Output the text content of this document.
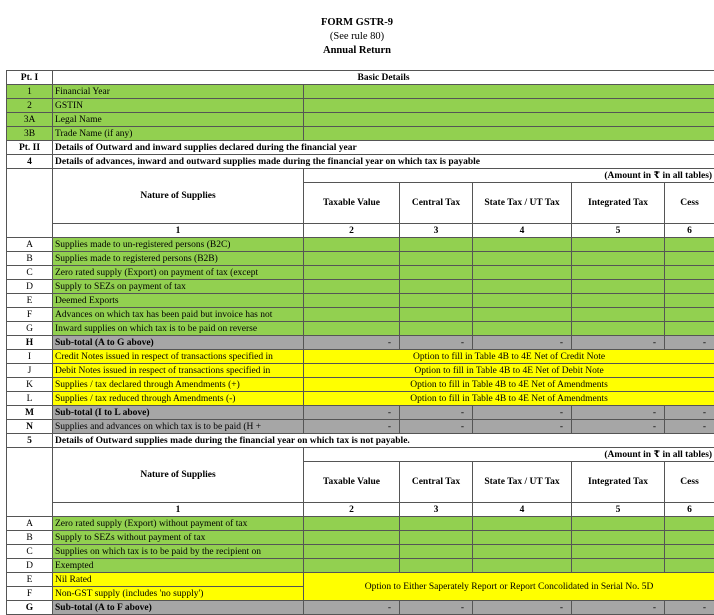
FORM GSTR-9
(See rule 80)
Annual Return
Pt. I	Basic Details					
1	Financial Year					
2	GSTIN					
3A	Legal Name					
3B	Trade Name (if any)					
Pt. II	Details of Outward and inward supplies declared during the financial year					
4	Details of advances, inward and outward supplies made during the financial year on which tax is payable					
	Nature of Supplies	(Amount in ₹ in all tables)				
		Taxable Value	Central Tax	State Tax / UT Tax	Integrated Tax	Cess
	1	2	3	4	5	6
A	Supplies made to un-registered persons (B2C)					
B	Supplies made to registered persons (B2B)					
C	Zero rated supply (Export) on payment of tax (except					
D	Supply to SEZs on payment of tax					
E	Deemed Exports					
F	Advances on which tax has been paid but invoice has not					
G	Inward supplies on which tax is to be paid on reverse					
H	Sub-total (A to G above)	-	-	-	-	-
I	Credit Notes issued in respect of transactions specified in	Option to fill in Table 4B to 4E Net of Credit Note				
J	Debit Notes issued in respect of transactions specified in	Option to fill in Table 4B to 4E Net of Debit Note				
K	Supplies / tax declared through Amendments (+)	Option to fill in Table 4B to 4E Net of Amendments				
L	Supplies / tax reduced through Amendments (-)	Option to fill in Table 4B to 4E Net of Amendments				
M	Sub-total (I to L above)	-	-	-	-	-
N	Supplies and advances on which tax is to be paid (H +	-	-	-	-	-
5	Details of Outward supplies made during the financial year on which tax is not payable.					
	Nature of Supplies	(Amount in ₹ in all tables)				
		Taxable Value	Central Tax	State Tax / UT Tax	Integrated Tax	Cess
	1	2	3	4	5	6
A	Zero rated supply (Export) without payment of tax					
B	Supply to SEZs without payment of tax					
C	Supplies on which tax is to be paid by the recipient on					
D	Exempted					
E	Nil Rated	Option to Either Saperately Report or Report Concolidated in Serial No. 5D				
F	Non-GST supply (includes 'no supply')					
G	Sub-total (A to F above)	-	-	-	-	-
